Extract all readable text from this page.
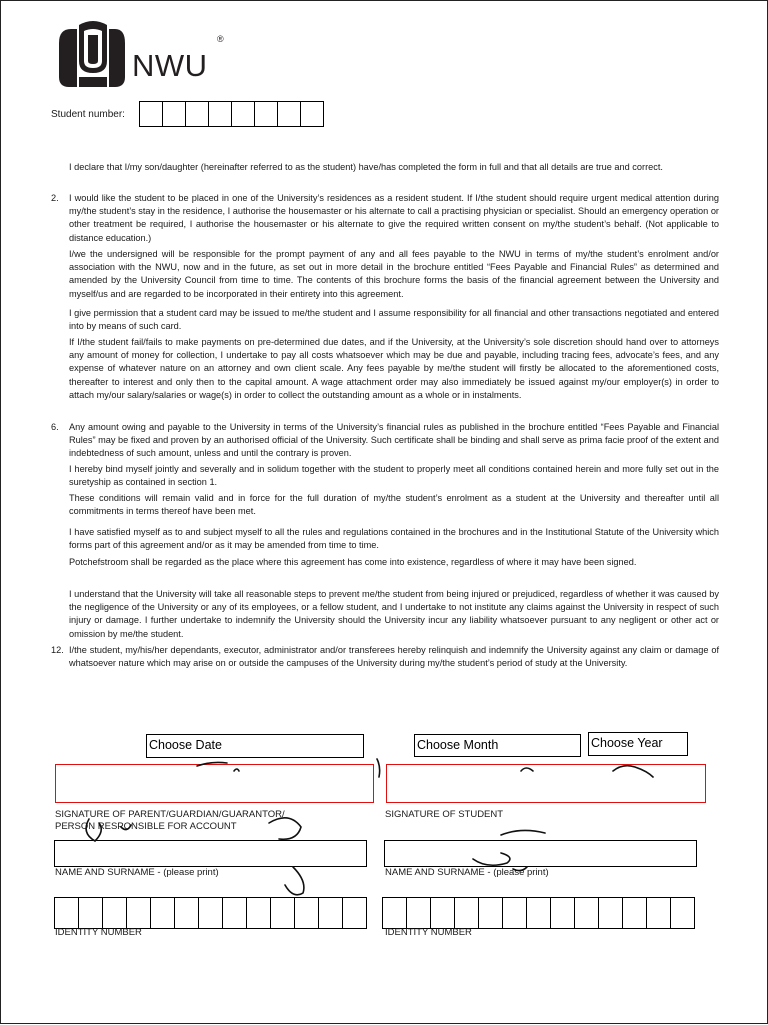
NWU
®
Student number:
I declare that I/my son/daughter (hereinafter referred to as the student) have/has completed the form in full and that all details are true and correct.
2. I would like the student to be placed in one of the University’s residences as a resident student. If I/the student should require urgent medical attention during my/the student’s stay in the residence, I authorise the housemaster or his alternate to call a practising physician or specialist. Should an emergency operation or other treatment be required, I authorise the housemaster or his alternate to give the required written consent on my/the student’s behalf. (Not applicable to distance education.)
I/we the undersigned will be responsible for the prompt payment of any and all fees payable to the NWU in terms of my/the student’s enrolment and/or association with the NWU, now and in the future, as set out in more detail in the brochure entitled “Fees Payable and Financial Rules” as determined and amended by the University Council from time to time. The contents of this brochure forms the basis of the financial agreement between the University and myself/us and are regarded to be incorporated in their entirety into this agreement.
I give permission that a student card may be issued to me/the student and I assume responsibility for all financial and other transactions negotiated and entered into by means of such card.
If I/the student fail/fails to make payments on pre-determined due dates, and if the University, at the University’s sole discretion should hand over to attorneys any amount of money for collection, I undertake to pay all costs whatsoever which may be due and payable, including tracing fees, advocate’s fees, and any expense of whatever nature on an attorney and own client scale. Any fees payable by me/the student will firstly be allocated to the aforementioned costs, thereafter to interest and only then to the capital amount. A wage attachment order may also immediately be issued against my/our employer(s) in order to attach my/our salary/salaries or wage(s) in order to collect the outstanding amount as a whole or in instalments.
6. Any amount owing and payable to the University in terms of the University’s financial rules as published in the brochure entitled “Fees Payable and Financial Rules” may be fixed and proven by an authorised official of the University. Such certificate shall be binding and shall serve as prima facie proof of the extent and indebtedness of such amount, unless and until the contrary is proven.
I hereby bind myself jointly and severally and in solidum together with the student to properly meet all conditions contained herein and more fully set out in the suretyship as contained in section 1.
These conditions will remain valid and in force for the full duration of my/the student’s enrolment as a student at the University and thereafter until all commitments in terms thereof have been met.
I have satisfied myself as to and subject myself to all the rules and regulations contained in the brochures and in the Institutional Statute of the University which forms part of this agreement and/or as it may be amended from time to time.
Potchefstroom shall be regarded as the place where this agreement has come into existence, regardless of where it may have been signed.
I understand that the University will take all reasonable steps to prevent me/the student from being injured or prejudiced, regardless of whether it was caused by the negligence of the University or any of its employees, or a fellow student, and I undertake to not institute any claims against the University in respect of such injury or damage. I further undertake to indemnify the University should the University incur any liability whatsoever pursuant to any negligent or other act or omission by me/the student.
12. I/the student, my/his/her dependants, executor, administrator and/or transferees hereby relinquish and indemnify the University against any claim or damage of whatsoever nature which may arise on or outside the campuses of the University during my/the student’s period of study at the University.
Choose Date	Choose Month	Choose Year
SIGNATURE OF PARENT/GUARDIAN/GUARANTOR/
PERSON RESPONSIBLE FOR ACCOUNT
SIGNATURE OF STUDENT
NAME AND SURNAME - (please print)	NAME AND SURNAME - (please print)
IDENTITY NUMBER	IDENTITY NUMBER
